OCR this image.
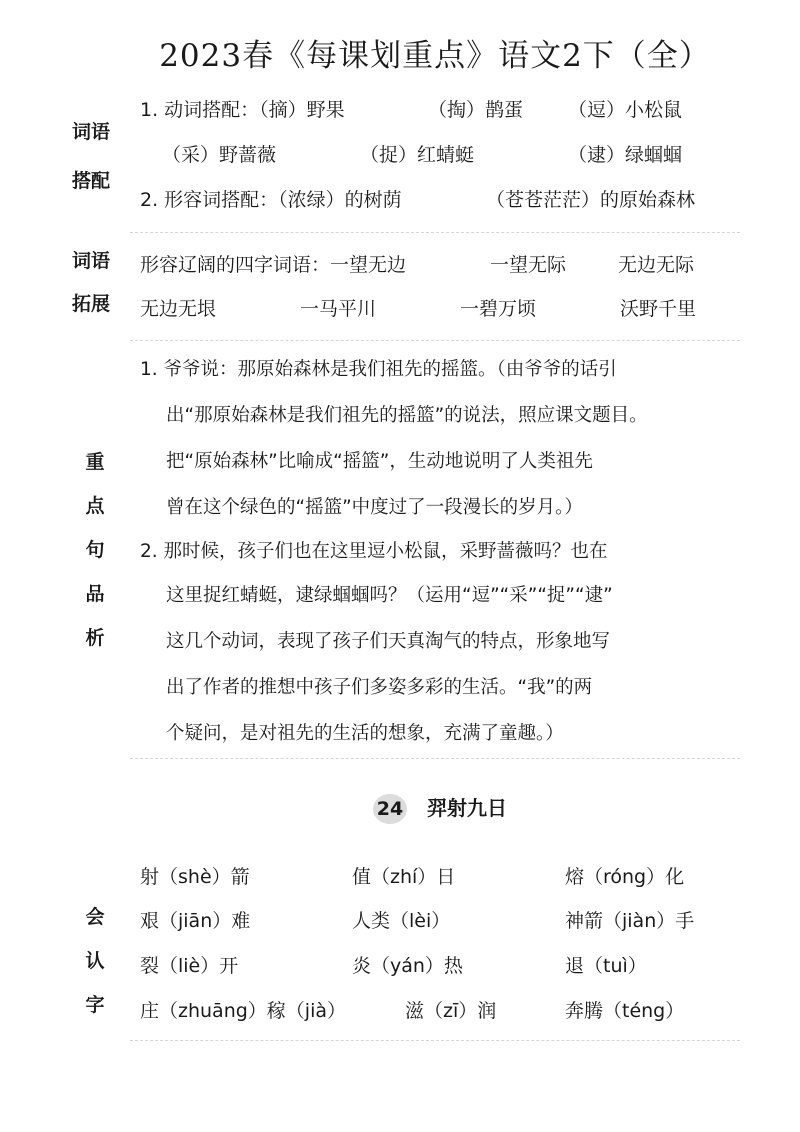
2023春《每课划重点》语文2下（全）
词语
搭配
1. 动词搭配：（摘）野果	（掏）鹊蛋 （逗）小松鼠
（采）野蔷薇	（捉）红蜻蜓	（逮）绿蝈蝈
2. 形容词搭配：（浓绿）的树荫	（苍苍茫茫）的原始森林
词语
拓展
形容辽阔的四字词语：一望无边	一望无际	无边无际
无边无垠	一马平川	一碧万顷	沃野千里
重
点
句
品
析
1. 爷爷说：那原始森林是我们祖先的摇篮。（由爷爷的话引
出“那原始森林是我们祖先的摇篮”的说法，照应课文题目。
把“原始森林”比喻成“摇篮”，生动地说明了人类祖先
曾在这个绿色的“摇篮”中度过了一段漫长的岁月。）
2. 那时候，孩子们也在这里逗小松鼠，采野蔷薇吗？也在
这里捉红蜻蜓，逮绿蝈蝈吗？（运用“逗”“采”“捉”“逮”
这几个动词，表现了孩子们天真淘气的特点，形象地写
出了作者的推想中孩子们多姿多彩的生活。“我”的两
个疑问，是对祖先的生活的想象，充满了童趣。）
24 羿射九日
会
认
字
射（shè）箭	值（zhí）日	熔（róng）化
艰（jiān）难	人类（lèi）	神箭（jiàn）手
裂（liè）开	炎（yán）热	退（tuì）
庄（zhuāng）稼（jià）	滋（zī）润	奔腾（téng）
